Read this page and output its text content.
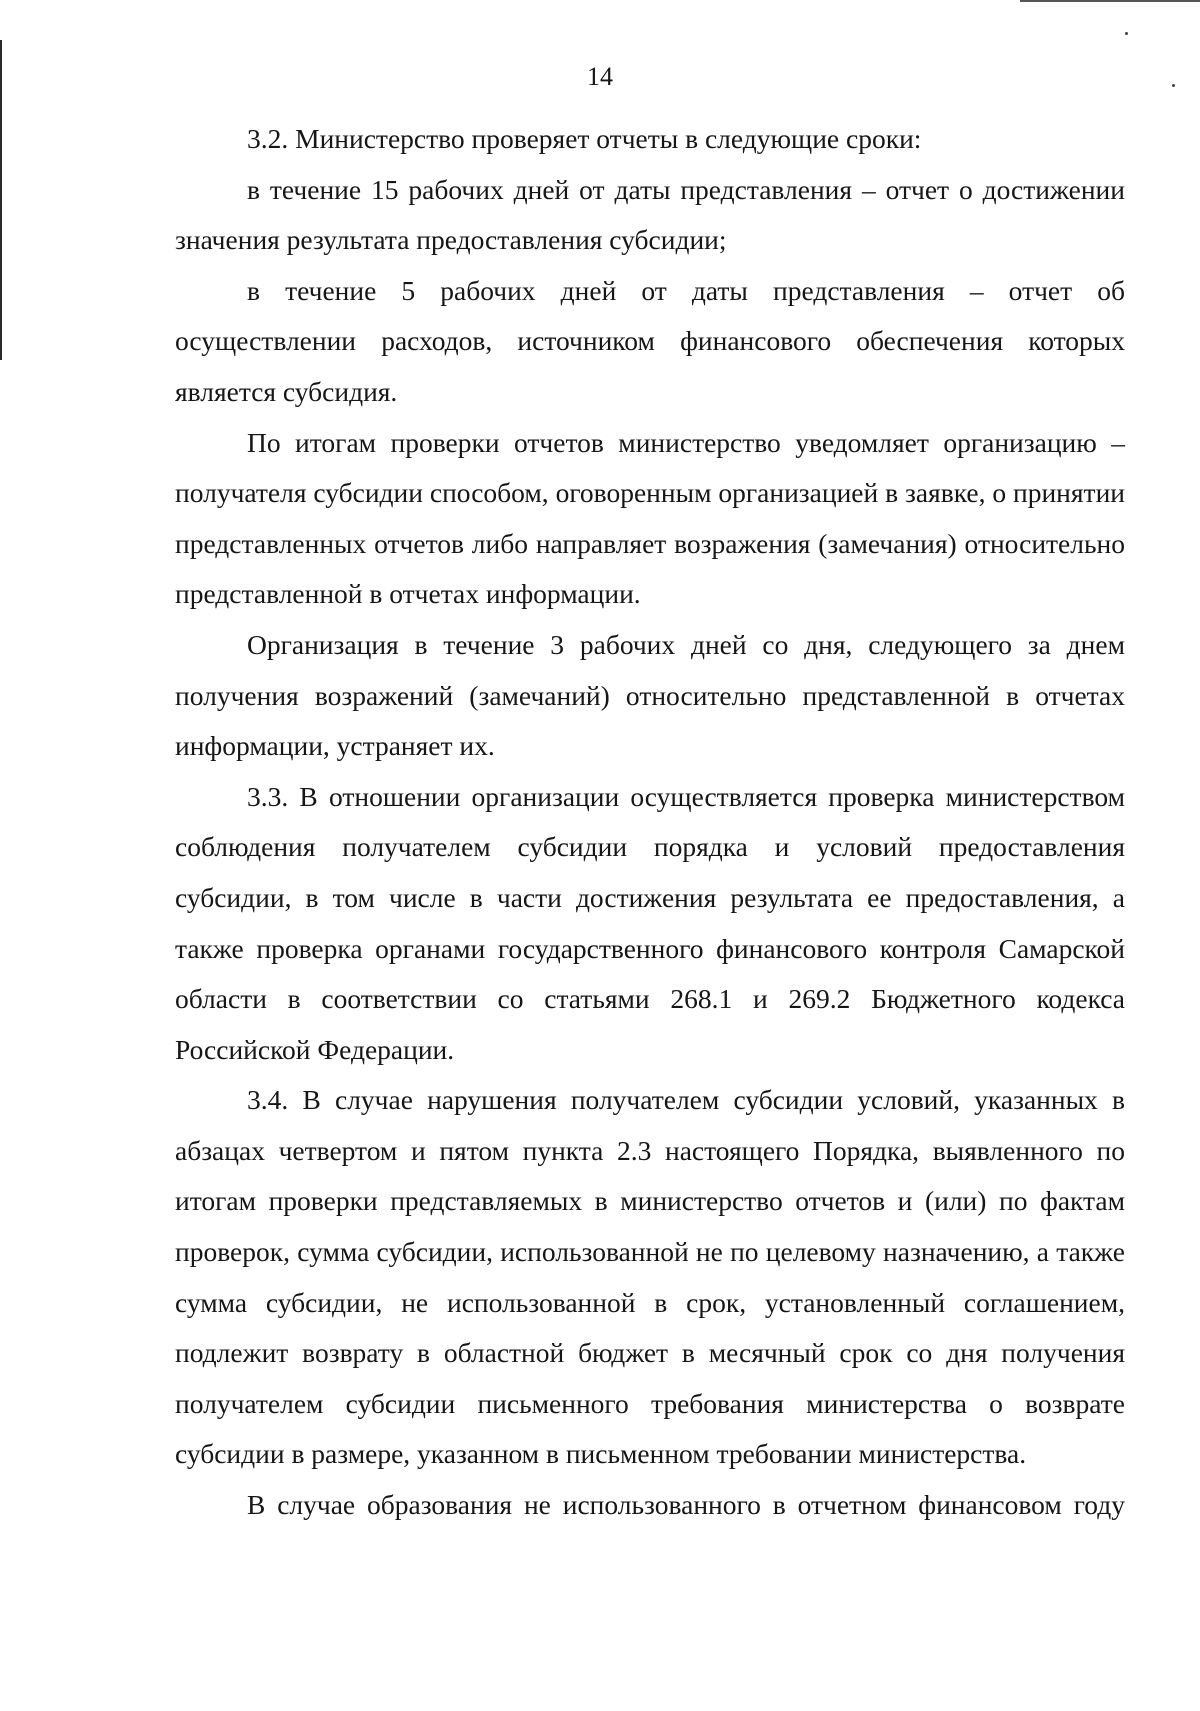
14

3.2. Министерство проверяет отчеты в следующие сроки:

в течение 15 рабочих дней от даты представления – отчет о достижении значения результата предоставления субсидии;

в течение 5 рабочих дней от даты представления – отчет об осуществлении расходов, источником финансового обеспечения которых является субсидия.

По итогам проверки отчетов министерство уведомляет организацию – получателя субсидии способом, оговоренным организацией в заявке, о принятии представленных отчетов либо направляет возражения (замечания) относительно представленной в отчетах информации.

Организация в течение 3 рабочих дней со дня, следующего за днем получения возражений (замечаний) относительно представленной в отчетах информации, устраняет их.

3.3. В отношении организации осуществляется проверка министерством соблюдения получателем субсидии порядка и условий предоставления субсидии, в том числе в части достижения результата ее предоставления, а также проверка органами государственного финансового контроля Самарской области в соответствии со статьями 268.1 и 269.2 Бюджетного кодекса Российской Федерации.

3.4. В случае нарушения получателем субсидии условий, указанных в абзацах четвертом и пятом пункта 2.3 настоящего Порядка, выявленного по итогам проверки представляемых в министерство отчетов и (или) по фактам проверок, сумма субсидии, использованной не по целевому назначению, а также сумма субсидии, не использованной в срок, установленный соглашением, подлежит возврату в областной бюджет в месячный срок со дня получения получателем субсидии письменного требования министерства о возврате субсидии в размере, указанном в письменном требовании министерства.

В случае образования не использованного в отчетном финансовом году
